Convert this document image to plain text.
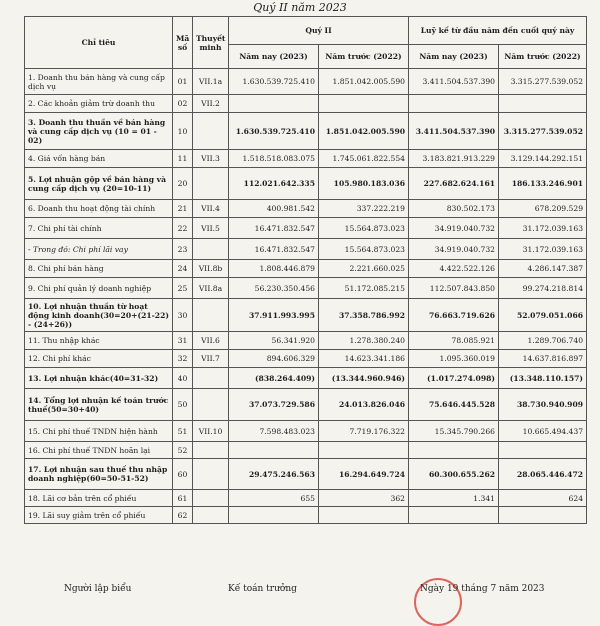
Quý II năm 2023
Chỉ tiêu	Mã số	Thuyết minh	Quý II		Luỹ kế từ đầu năm đến cuối quý này	
			Năm nay (2023)	Năm trước (2022)	Năm nay (2023)	Năm trước (2022)
1. Doanh thu bán hàng và cung cấp dịch vụ	01	VII.1a	1.630.539.725.410	1.851.042.005.590	3.411.504.537.390	3.315.277.539.052
2. Các khoản giảm trừ doanh thu	02	VII.2				
3. Doanh thu thuần về bán hàng và cung cấp dịch vụ (10 = 01 - 02)	10		1.630.539.725.410	1.851.042.005.590	3.411.504.537.390	3.315.277.539.052
4. Giá vốn hàng bán	11	VII.3	1.518.518.083.075	1.745.061.822.554	3.183.821.913.229	3.129.144.292.151
5. Lợi nhuận gộp về bán hàng và cung cấp dịch vụ (20=10-11)	20		112.021.642.335	105.980.183.036	227.682.624.161	186.133.246.901
6. Doanh thu hoạt động tài chính	21	VII.4	400.981.542	337.222.219	830.502.173	678.209.529
7. Chi phí tài chính	22	VII.5	16.471.832.547	15.564.873.023	34.919.040.732	31.172.039.163
- Trong đó: Chi phí lãi vay	23		16.471.832.547	15.564.873.023	34.919.040.732	31.172.039.163
8. Chi phí bán hàng	24	VII.8b	1.808.446.879	2.221.660.025	4.422.522.126	4.286.147.387
9. Chi phí quản lý doanh nghiệp	25	VII.8a	56.230.350.456	51.172.085.215	112.507.843.850	99.274.218.814
10. Lợi nhuận thuần từ hoạt động kinh doanh(30=20+(21-22) - (24+26))	30		37.911.993.995	37.358.786.992	76.663.719.626	52.079.051.066
11. Thu nhập khác	31	VII.6	56.341.920	1.278.380.240	78.085.921	1.289.706.740
12. Chi phí khác	32	VII.7	894.606.329	14.623.341.186	1.095.360.019	14.637.816.897
13. Lợi nhuận khác(40=31-32)	40		(838.264.409)	(13.344.960.946)	(1.017.274.098)	(13.348.110.157)
14. Tổng lợi nhuận kế toán trước thuế(50=30+40)	50		37.073.729.586	24.013.826.046	75.646.445.528	38.730.940.909
15. Chi phí thuế TNDN hiện hành	51	VII.10	7.598.483.023	7.719.176.322	15.345.790.266	10.665.494.437
16. Chi phí thuế TNDN hoãn lại	52					
17. Lợi nhuận sau thuế thu nhập doanh nghiệp(60=50-51-52)	60		29.475.246.563	16.294.649.724	60.300.655.262	28.065.446.472
18. Lãi cơ bản trên cổ phiếu	61		655	362	1.341	624
19. Lãi suy giảm trên cổ phiếu	62					
Người lập biểu	Kế toán trưởng	Ngày 19 tháng 7 năm 2023
